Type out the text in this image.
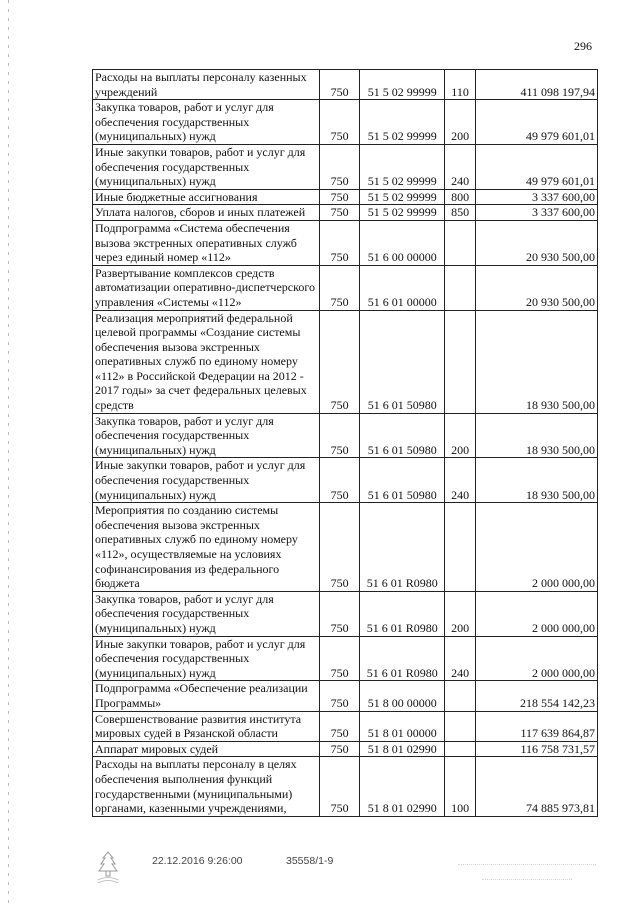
296
Расходы на выплаты персоналу казенных учреждений	750	51 5 02 99999	110	411 098 197,94
Закупка товаров, работ и услуг для обеспечения государственных (муниципальных) нужд	750	51 5 02 99999	200	49 979 601,01
Иные закупки товаров, работ и услуг для обеспечения государственных (муниципальных) нужд	750	51 5 02 99999	240	49 979 601,01
Иные бюджетные ассигнования	750	51 5 02 99999	800	3 337 600,00
Уплата налогов, сборов и иных платежей	750	51 5 02 99999	850	3 337 600,00
Подпрограмма «Система обеспечения вызова экстренных оперативных служб через единый номер «112»	750	51 6 00 00000		20 930 500,00
Развертывание комплексов средств автоматизации оперативно-диспетчерского управления «Системы «112»	750	51 6 01 00000		20 930 500,00
Реализация мероприятий федеральной целевой программы «Создание системы обеспечения вызова экстренных оперативных служб по единому номеру «112» в Российской Федерации на 2012 - 2017 годы» за счет федеральных целевых средств	750	51 6 01 50980		18 930 500,00
Закупка товаров, работ и услуг для обеспечения государственных (муниципальных) нужд	750	51 6 01 50980	200	18 930 500,00
Иные закупки товаров, работ и услуг для обеспечения государственных (муниципальных) нужд	750	51 6 01 50980	240	18 930 500,00
Мероприятия по созданию системы обеспечения вызова экстренных оперативных служб по единому номеру «112», осуществляемые на условиях софинансирования из федерального бюджета	750	51 6 01 R0980		2 000 000,00
Закупка товаров, работ и услуг для обеспечения государственных (муниципальных) нужд	750	51 6 01 R0980	200	2 000 000,00
Иные закупки товаров, работ и услуг для обеспечения государственных (муниципальных) нужд	750	51 6 01 R0980	240	2 000 000,00
Подпрограмма «Обеспечение реализации Программы»	750	51 8 00 00000		218 554 142,23
Совершенствование развития института мировых судей в Рязанской области	750	51 8 01 00000		117 639 864,87
Аппарат мировых судей	750	51 8 01 02990		116 758 731,57
Расходы на выплаты персоналу в целях обеспечения выполнения функций государственными (муниципальными) органами, казенными учреждениями,	750	51 8 01 02990	100	74 885 973,81
22.12.2016 9:26:00	35558/1-9
